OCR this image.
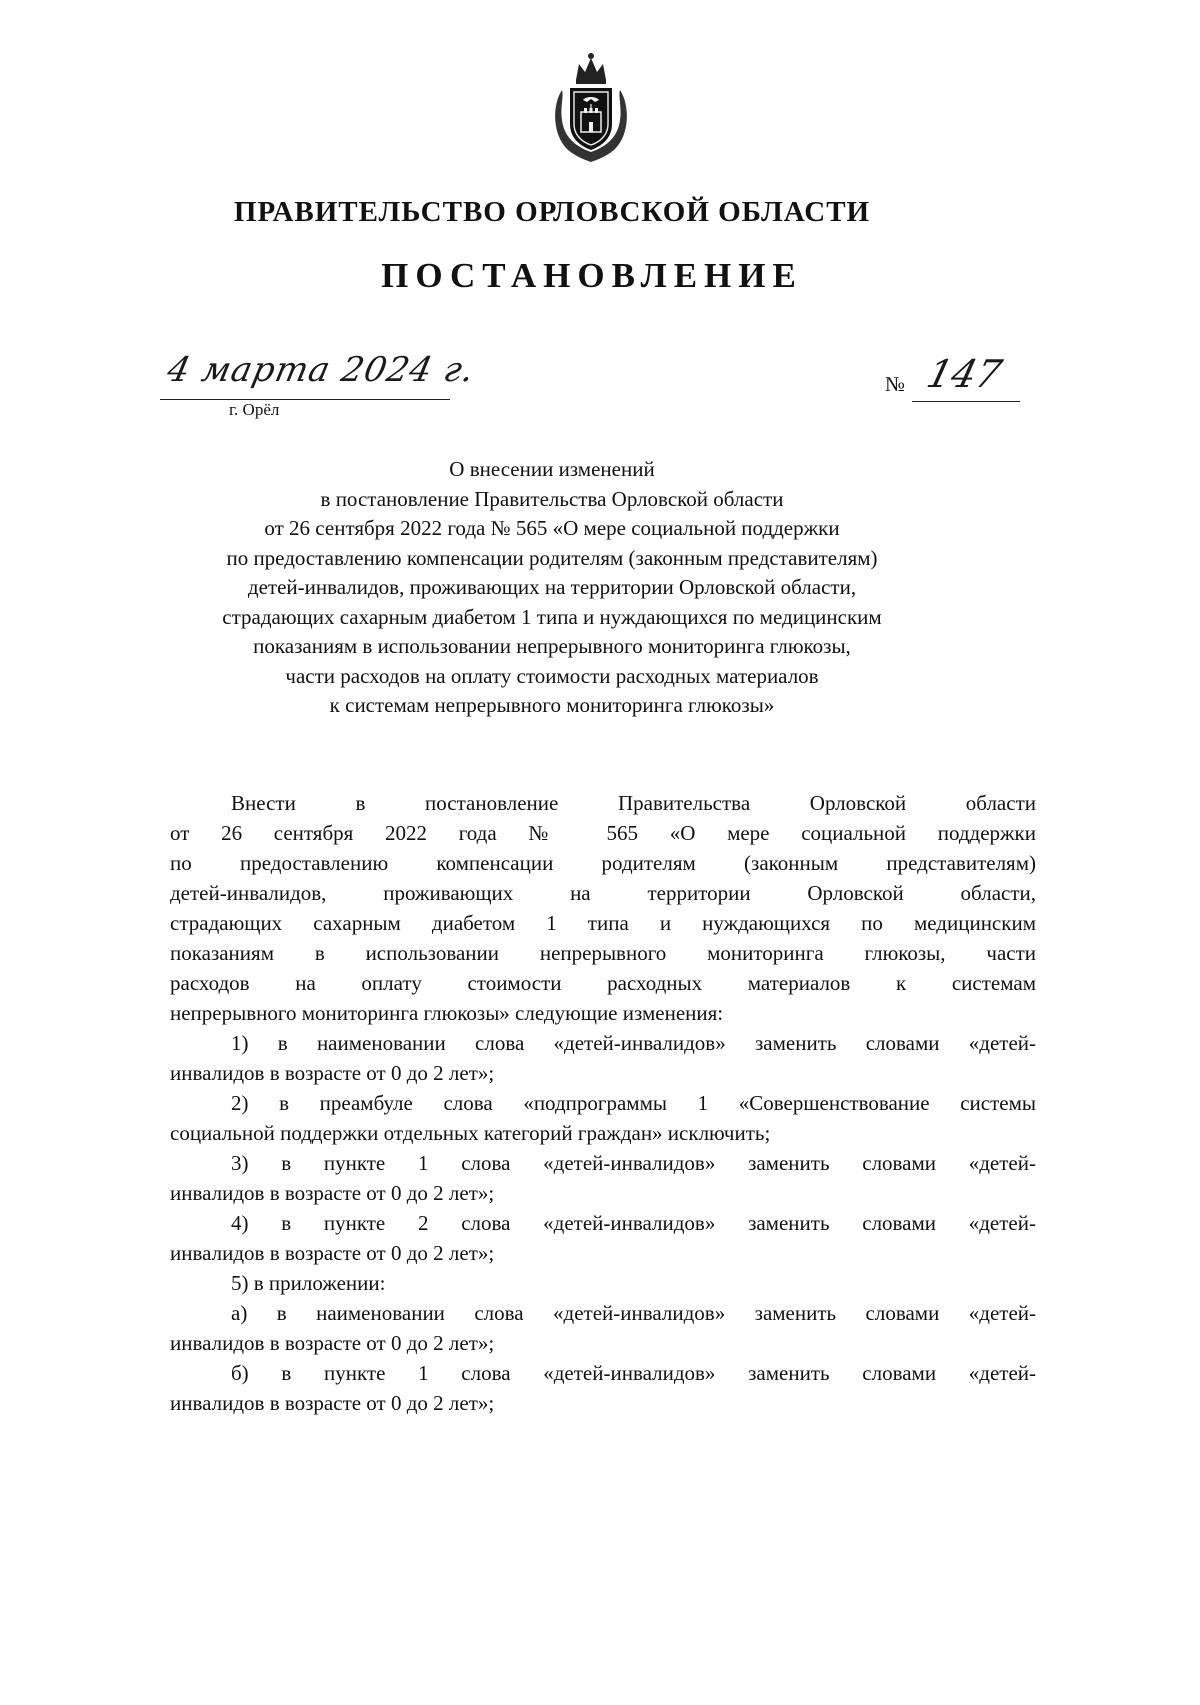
ПРАВИТЕЛЬСТВО ОРЛОВСКОЙ ОБЛАСТИ
ПОСТАНОВЛЕНИЕ
4 марта 2024 г.
г. Орёл
№ 147
О внесении изменений
в постановление Правительства Орловской области
от 26 сентября 2022 года № 565 «О мере социальной поддержки
по предоставлению компенсации родителям (законным представителям)
детей-инвалидов, проживающих на территории Орловской области,
страдающих сахарным диабетом 1 типа и нуждающихся по медицинским
показаниям в использовании непрерывного мониторинга глюкозы,
части расходов на оплату стоимости расходных материалов
к системам непрерывного мониторинга глюкозы»
Внести в постановление Правительства Орловской области
от 26 сентября 2022 года № 565 «О мере социальной поддержки
по предоставлению компенсации родителям (законным представителям)
детей-инвалидов, проживающих на территории Орловской области,
страдающих сахарным диабетом 1 типа и нуждающихся по медицинским
показаниям в использовании непрерывного мониторинга глюкозы, части
расходов на оплату стоимости расходных материалов к системам
непрерывного мониторинга глюкозы» следующие изменения:
1) в наименовании слова «детей-инвалидов» заменить словами «детей-
инвалидов в возрасте от 0 до 2 лет»;
2) в преамбуле слова «подпрограммы 1 «Совершенствование системы
социальной поддержки отдельных категорий граждан» исключить;
3) в пункте 1 слова «детей-инвалидов» заменить словами «детей-
инвалидов в возрасте от 0 до 2 лет»;
4) в пункте 2 слова «детей-инвалидов» заменить словами «детей-
инвалидов в возрасте от 0 до 2 лет»;
5) в приложении:
а) в наименовании слова «детей-инвалидов» заменить словами «детей-
инвалидов в возрасте от 0 до 2 лет»;
б) в пункте 1 слова «детей-инвалидов» заменить словами «детей-
инвалидов в возрасте от 0 до 2 лет»;
